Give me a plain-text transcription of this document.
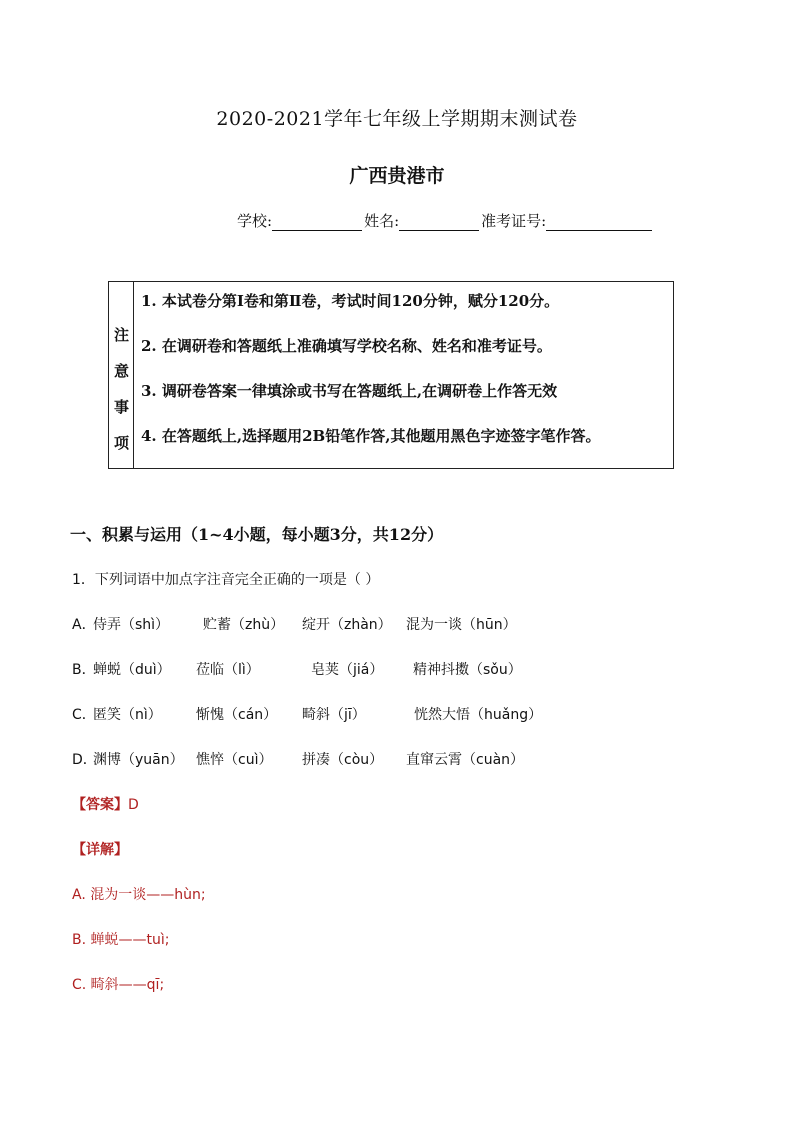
2020-2021学年七年级上学期期末测试卷
广西贵港市
学校:	姓名:	准考证号:
注
意
事
项
1. 本试卷分第Ⅰ卷和第Ⅱ卷，考试时间120分钟，赋分120分。
2. 在调研卷和答题纸上准确填写学校名称、姓名和准考证号。
3. 调研卷答案一律填涂或书写在答题纸上,在调研卷上作答无效
4. 在答题纸上,选择题用2B铅笔作答,其他题用黑色字迹签字笔作答。
一、积累与运用（1~4小题，每小题3分，共12分）
1．下列词语中加点字注音完全正确的一项是（ ）
A．
侍弄（shì） 贮蓄（zhù） 绽开（zhàn） 混为一谈（hūn）
B．
蝉蜕（duì） 莅临（lì）	皂荚（jiá） 精神抖擞（sǒu）
C．
匿笑（nì） 惭愧（cán） 畸斜（jī）	恍然大悟（huǎng）
D．
渊博（yuān） 憔悴（cuì） 拼凑（còu） 直窜云霄（cuàn）
【答案】D
【详解】
A. 混为一谈——hùn;
B. 蝉蜕——tuì;
C. 畸斜——qī;
